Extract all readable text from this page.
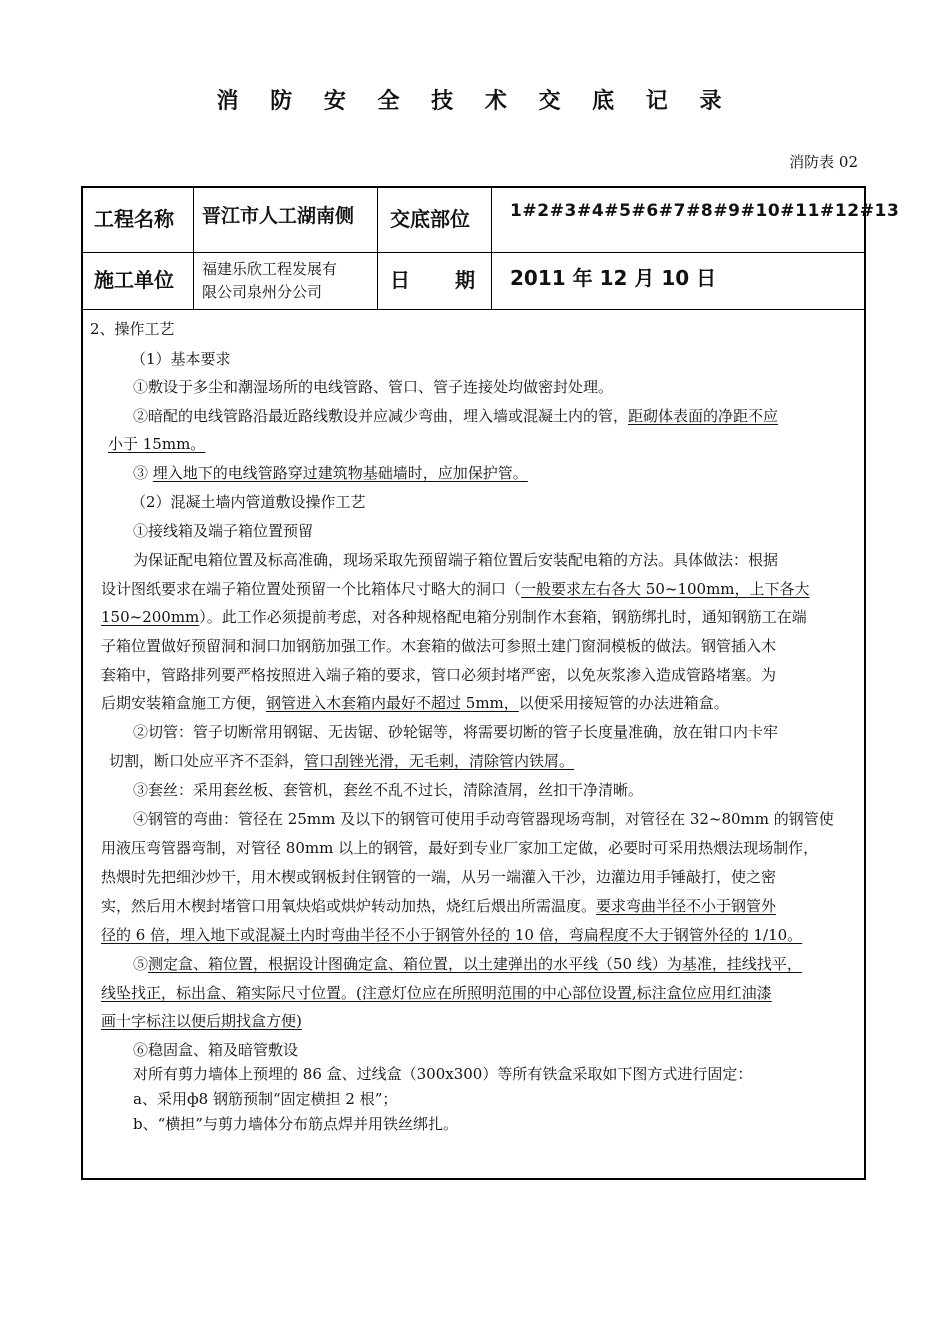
消 防 安 全 技 术 交 底 记 录
消防表 02
工程名称 晋江市人工湖南侧 交底部位 1#2#3#4#5#6#7#8#9#10#11#12#13
施工单位 福建乐欣工程发展有
限公司泉州分公司	日 期 2011 年 12 月 10 日
2、操作工艺
（1）基本要求
①敷设于多尘和潮湿场所的电线管路、管口、管子连接处均做密封处理。
②暗配的电线管路沿最近路线敷设并应减少弯曲，埋入墙或混凝土内的管，距砌体表面的净距不应
小于 15mm。
③ 埋入地下的电线管路穿过建筑物基础墙时，应加保护管。
（2）混凝土墙内管道敷设操作工艺
①接线箱及端子箱位置预留
为保证配电箱位置及标高准确，现场采取先预留端子箱位置后安装配电箱的方法。具体做法：根据
设计图纸要求在端子箱位置处预留一个比箱体尺寸略大的洞口（一般要求左右各大 50~100mm，上下各大
150~200mm）。此工作必须提前考虑，对各种规格配电箱分别制作木套箱，钢筋绑扎时，通知钢筋工在端
子箱位置做好预留洞和洞口加钢筋加强工作。木套箱的做法可参照土建门窗洞模板的做法。钢管插入木
套箱中，管路排列要严格按照进入端子箱的要求，管口必须封堵严密，以免灰浆渗入造成管路堵塞。为
后期安装箱盒施工方便，钢管进入木套箱内最好不超过 5mm，以便采用接短管的办法进箱盒。
②切管：管子切断常用钢锯、无齿锯、砂轮锯等，将需要切断的管子长度量准确，放在钳口内卡牢
切割，断口处应平齐不歪斜，管口刮锉光滑，无毛刺，清除管内铁屑。
③套丝：采用套丝板、套管机，套丝不乱不过长，清除渣屑，丝扣干净清晰。
④钢管的弯曲：管径在 25mm 及以下的钢管可使用手动弯管器现场弯制，对管径在 32~80mm 的钢管使
用液压弯管器弯制，对管径 80mm 以上的钢管，最好到专业厂家加工定做，必要时可采用热煨法现场制作，
热煨时先把细沙炒干，用木楔或钢板封住钢管的一端，从另一端灌入干沙，边灌边用手锤敲打，使之密
实，然后用木楔封堵管口用氧炔焰或烘炉转动加热，烧红后煨出所需温度。要求弯曲半径不小于钢管外
径的 6 倍，埋入地下或混凝土内时弯曲半径不小于钢管外径的 10 倍，弯扁程度不大于钢管外径的 1/10。
⑤测定盒、箱位置，根据设计图确定盒、箱位置，以土建弹出的水平线（50 线）为基准，挂线找平，
线坠找正，标出盒、箱实际尺寸位置。(注意灯位应在所照明范围的中心部位设置,标注盒位应用红油漆
画十字标注以便后期找盒方便)
⑥稳固盒、箱及暗管敷设
对所有剪力墙体上预埋的 86 盒、过线盒（300x300）等所有铁盒采取如下图方式进行固定：
a、采用ф8 钢筋预制“固定横担 2 根”；
b、“横担”与剪力墙体分布筋点焊并用铁丝绑扎。
